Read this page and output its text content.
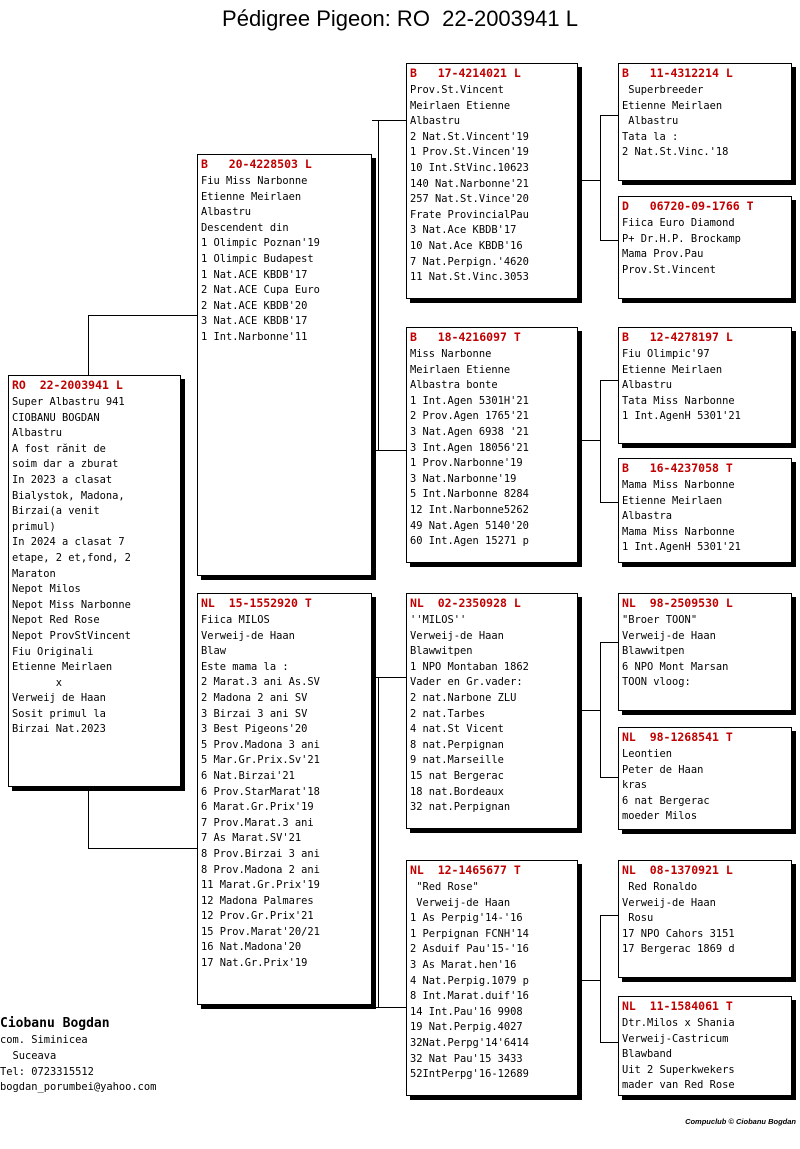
Pédigree Pigeon: RO  22-2003941 L
RO  22-2003941 L
Super Albastru 941
CIOBANU BOGDAN
Albastru
A fost rănit de
soim dar a zburat
In 2023 a clasat
Bialystok, Madona,
Birzai(a venit
primul)
In 2024 a clasat 7
etape, 2 et,fond, 2
Maraton
Nepot Milos
Nepot Miss Narbonne
Nepot Red Rose
Nepot ProvStVincent
Fiu Originali
Etienne Meirlaen
x
Verweij de Haan
Sosit primul la
Birzai Nat.2023
B   20-4228503 L
Fiu Miss Narbonne
Etienne Meirlaen
Albastru
Descendent din
1 Olimpic Poznan'19
1 Olimpic Budapest
1 Nat.ACE KBDB'17
2 Nat.ACE Cupa Euro
2 Nat.ACE KBDB'20
3 Nat.ACE KBDB'17
1 Int.Narbonne'11
NL  15-1552920 T
Fiica MILOS
Verweij-de Haan
Blaw
Este mama la :
2 Marat.3 ani As.SV
2 Madona 2 ani SV
3 Birzai 3 ani SV
3 Best Pigeons'20
5 Prov.Madona 3 ani
5 Mar.Gr.Prix.Sv'21
6 Nat.Birzai'21
6 Prov.StarMarat'18
6 Marat.Gr.Prix'19
7 Prov.Marat.3 ani
7 As Marat.SV'21
8 Prov.Birzai 3 ani
8 Prov.Madona 2 ani
11 Marat.Gr.Prix'19
12 Madona Palmares
12 Prov.Gr.Prix'21
15 Prov.Marat'20/21
16 Nat.Madona'20
17 Nat.Gr.Prix'19
B   17-4214021 L
Prov.St.Vincent
Meirlaen Etienne
Albastru
2 Nat.St.Vincent'19
1 Prov.St.Vincen'19
10 Int.StVinc.10623
140 Nat.Narbonne'21
257 Nat.St.Vince'20
Frate ProvincialPau
3 Nat.Ace KBDB'17
10 Nat.Ace KBDB'16
7 Nat.Perpign.'4620
11 Nat.St.Vinc.3053
B   18-4216097 T
Miss Narbonne
Meirlaen Etienne
Albastra bonte
1 Int.Agen 5301H'21
2 Prov.Agen 1765'21
3 Nat.Agen 6938 '21
3 Int.Agen 18056'21
1 Prov.Narbonne'19
3 Nat.Narbonne'19
5 Int.Narbonne 8284
12 Int.Narbonne5262
49 Nat.Agen 5140'20
60 Int.Agen 15271 p
NL  02-2350928 L
''MILOS''
Verweij-de Haan
Blawwitpen
1 NPO Montaban 1862
Vader en Gr.vader:
2 nat.Narbone ZLU
2 nat.Tarbes
4 nat.St Vicent
8 nat.Perpignan
9 nat.Marseille
15 nat Bergerac
18 nat.Bordeaux
32 nat.Perpignan
NL  12-1465677 T
"Red Rose"
Verweij-de Haan
1 As Perpig'14-'16
1 Perpignan FCNH'14
2 Asduif Pau'15-'16
3 As Marat.hen'16
4 Nat.Perpig.1079 p
8 Int.Marat.duif'16
14 Int.Pau'16 9908
19 Nat.Perpig.4027
32Nat.Perpg'14'6414
32 Nat Pau'15 3433
52IntPerpg'16-12689
B   11-4312214 L
Superbreeder
Etienne Meirlaen
Albastru
Tata la :
2 Nat.St.Vinc.'18
D   06720-09-1766 T
Fiica Euro Diamond
P+ Dr.H.P. Brockamp
Mama Prov.Pau
Prov.St.Vincent
B   12-4278197 L
Fiu Olimpic'97
Etienne Meirlaen
Albastru
Tata Miss Narbonne
1 Int.AgenH 5301'21
B   16-4237058 T
Mama Miss Narbonne
Etienne Meirlaen
Albastra
Mama Miss Narbonne
1 Int.AgenH 5301'21
NL  98-2509530 L
"Broer TOON"
Verweij-de Haan
Blawwitpen
6 NPO Mont Marsan
TOON vloog:
NL  98-1268541 T
Leontien
Peter de Haan
kras
6 nat Bergerac
moeder Milos
NL  08-1370921 L
Red Ronaldo
Verweij-de Haan
Rosu
17 NPO Cahors 3151
17 Bergerac 1869 d
NL  11-1584061 T
Dtr.Milos x Shania
Verweij-Castricum
Blawband
Uit 2 Superkwekers
mader van Red Rose
Ciobanu Bogdan
com. Siminicea
Suceava
Tel: 0723315512
bogdan_porumbei@yahoo.com
Compuclub © Ciobanu Bogdan
